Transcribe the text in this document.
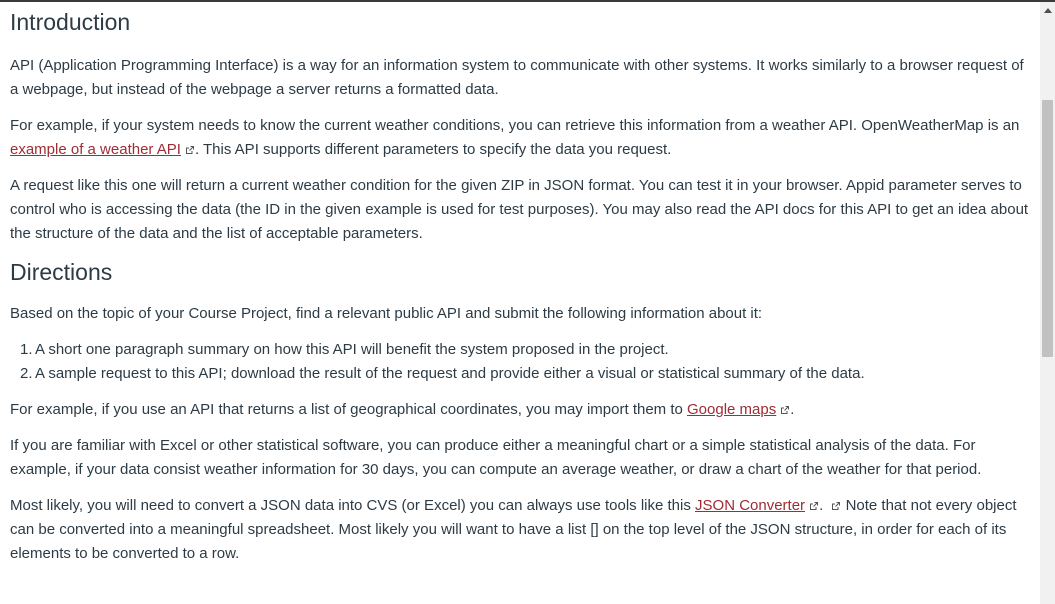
Introduction

API (Application Programming Interface) is a way for an information system to communicate with other systems. It works similarly to a browser request of a webpage, but instead of the webpage a server returns a formatted data.

For example, if your system needs to know the current weather conditions, you can retrieve this information from a weather API. OpenWeatherMap is an example of a weather API . This API supports different parameters to specify the data you request.

A request like this one will return a current weather condition for the given ZIP in JSON format. You can test it in your browser. Appid parameter serves to control who is accessing the data (the ID in the given example is used for test purposes). You may also read the API docs for this API to get an idea about the structure of the data and the list of acceptable parameters.

Directions

Based on the topic of your Course Project, find a relevant public API and submit the following information about it:

1. A short one paragraph summary on how this API will benefit the system proposed in the project.
2. A sample request to this API; download the result of the request and provide either a visual or statistical summary of the data.

For example, if you use an API that returns a list of geographical coordinates, you may import them to Google maps .

If you are familiar with Excel or other statistical software, you can produce either a meaningful chart or a simple statistical analysis of the data. For example, if your data consist weather information for 30 days, you can compute an average weather, or draw a chart of the weather for that period.

Most likely, you will need to convert a JSON data into CVS (or Excel) you can always use tools like this JSON Converter .  Note that not every object can be converted into a meaningful spreadsheet. Most likely you will want to have a list [] on the top level of the JSON structure, in order for each of its elements to be converted to a row.
